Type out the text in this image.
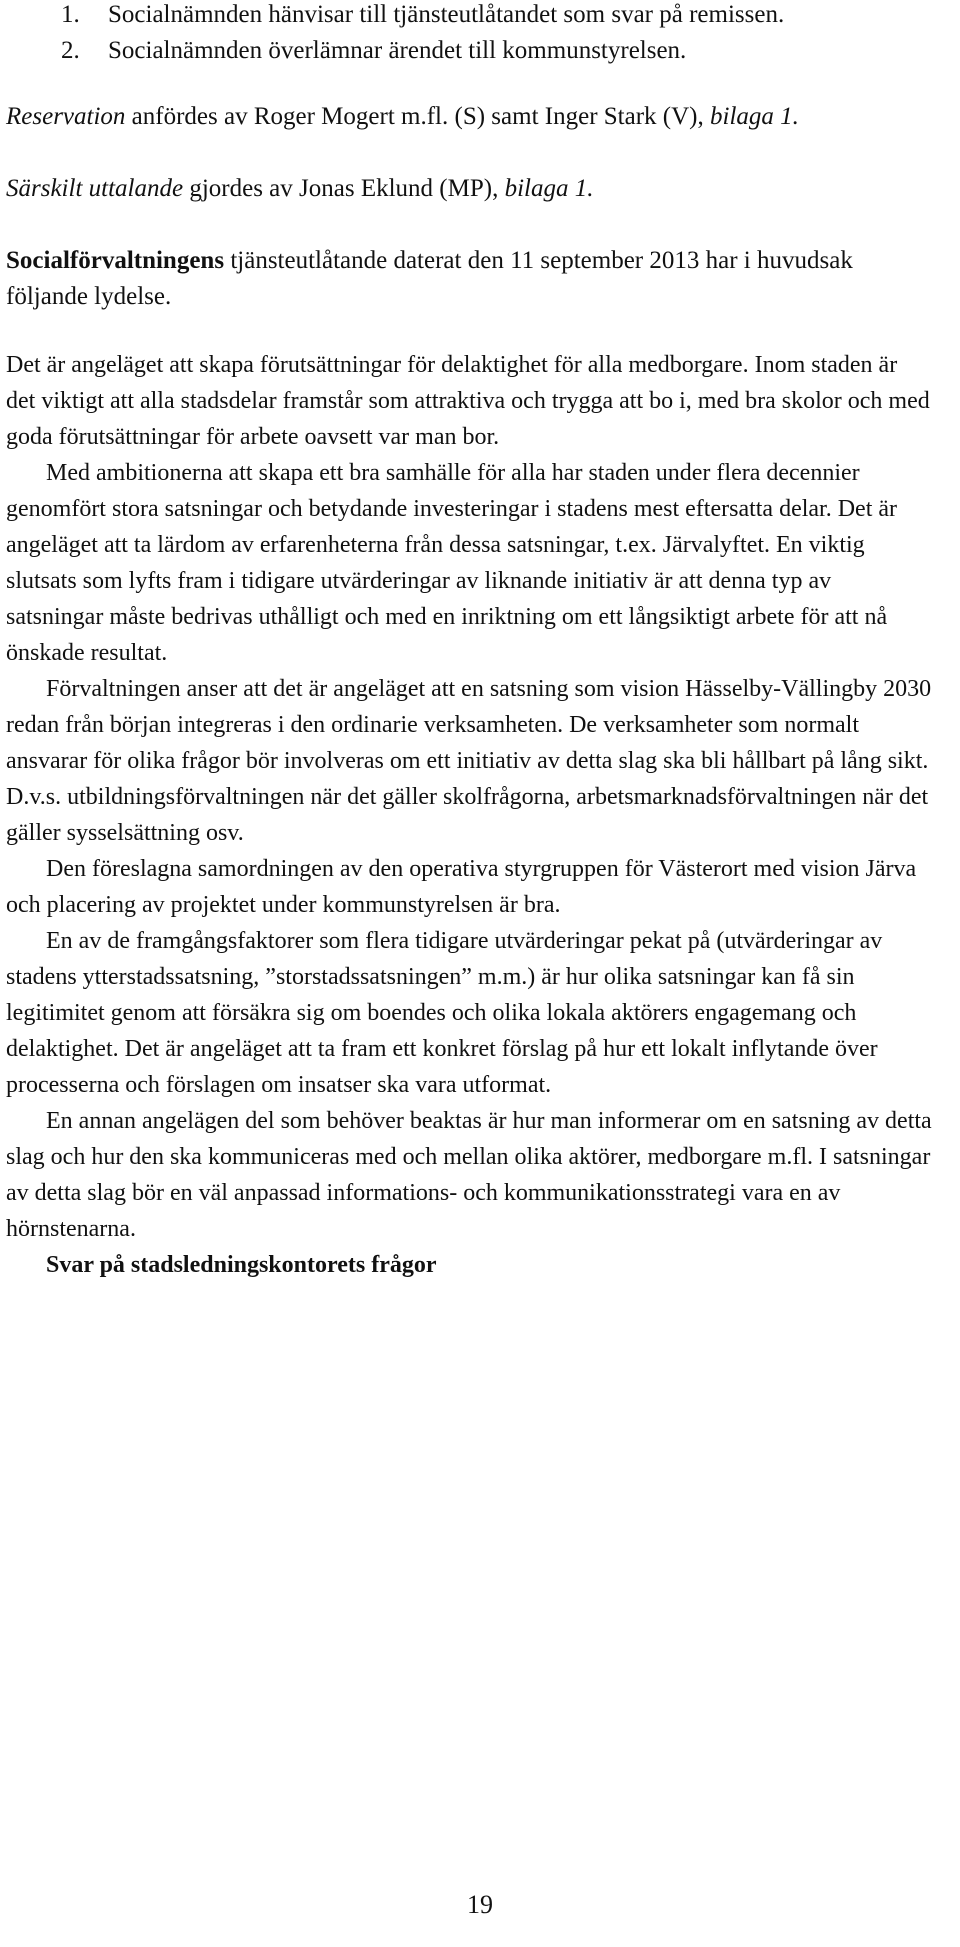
1.	Socialnämnden hänvisar till tjänsteutlåtandet som svar på remissen.
2.	Socialnämnden överlämnar ärendet till kommunstyrelsen.

Reservation anfördes av Roger Mogert m.fl. (S) samt Inger Stark (V), bilaga 1.

Särskilt uttalande gjordes av Jonas Eklund (MP), bilaga 1.

Socialförvaltningens tjänsteutlåtande daterat den 11 september 2013 har i huvudsak följande lydelse.

Det är angeläget att skapa förutsättningar för delaktighet för alla medborgare. Inom staden är det viktigt att alla stadsdelar framstår som attraktiva och trygga att bo i, med bra skolor och med goda förutsättningar för arbete oavsett var man bor.

Med ambitionerna att skapa ett bra samhälle för alla har staden under flera decennier genomfört stora satsningar och betydande investeringar i stadens mest eftersatta delar. Det är angeläget att ta lärdom av erfarenheterna från dessa satsningar, t.ex. Järvalyftet. En viktig slutsats som lyfts fram i tidigare utvärderingar av liknande initiativ är att denna typ av satsningar måste bedrivas uthålligt och med en inriktning om ett långsiktigt arbete för att nå önskade resultat.

Förvaltningen anser att det är angeläget att en satsning som vision Hässelby-Vällingby 2030 redan från början integreras i den ordinarie verksamheten. De verksamheter som normalt ansvarar för olika frågor bör involveras om ett initiativ av detta slag ska bli hållbart på lång sikt. D.v.s. utbildningsförvaltningen när det gäller skolfrågorna, arbetsmarknadsförvaltningen när det gäller sysselsättning osv.

Den föreslagna samordningen av den operativa styrgruppen för Västerort med vision Järva och placering av projektet under kommunstyrelsen är bra.

En av de framgångsfaktorer som flera tidigare utvärderingar pekat på (utvärderingar av stadens ytterstadssatsning, ”storstadssatsningen” m.m.) är hur olika satsningar kan få sin legitimitet genom att försäkra sig om boendes och olika lokala aktörers engagemang och delaktighet. Det är angeläget att ta fram ett konkret förslag på hur ett lokalt inflytande över processerna och förslagen om insatser ska vara utformat.

En annan angelägen del som behöver beaktas är hur man informerar om en satsning av detta slag och hur den ska kommuniceras med och mellan olika aktörer, medborgare m.fl. I satsningar av detta slag bör en väl anpassad informations- och kommunikationsstrategi vara en av hörnstenarna.

Svar på stadsledningskontorets frågor

19
